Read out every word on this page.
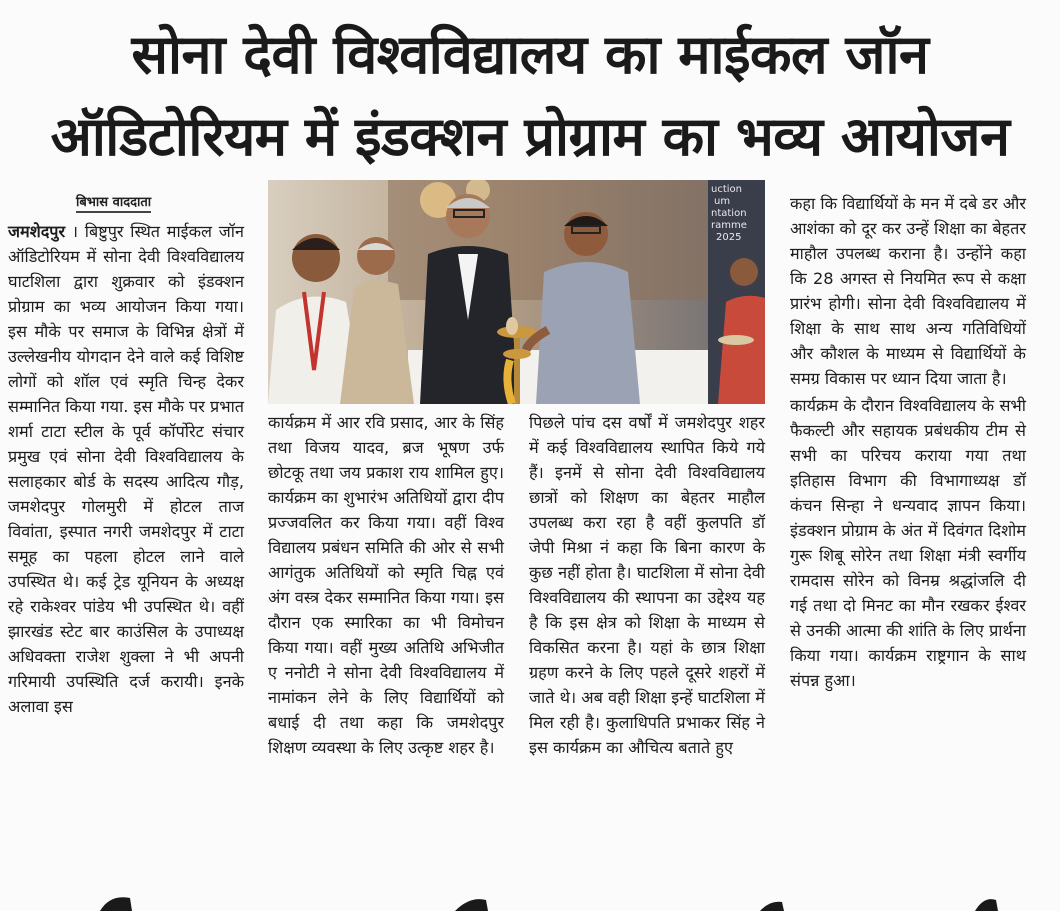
सोना देवी विश्वविद्यालय का माईकल जॉन
ऑडिटोरियम में इंडक्शन प्रोग्राम का भव्य आयोजन
बिभास वाददाता

जमशेदपुर । बिष्टुपुर स्थित माईकल जॉन ऑडिटोरियम में सोना देवी विश्वविद्यालय घाटशिला द्वारा शुक्रवार को इंडक्शन प्रोग्राम का भव्य आयोजन किया गया। इस मौके पर समाज के विभिन्न क्षेत्रों में उल्लेखनीय योगदान देने वाले कई विशिष्ट लोगों को शॉल एवं स्मृति चिन्ह देकर सम्मानित किया गया. इस मौके पर प्रभात शर्मा टाटा स्टील के पूर्व कॉर्पोरेट संचार प्रमुख एवं सोना देवी विश्वविद्यालय के सलाहकार बोर्ड के सदस्य आदित्य गौड़, जमशेदपुर गोलमुरी में होटल ताज विवांता, इस्पात नगरी जमशेदपुर में टाटा समूह का पहला होटल लाने वाले उपस्थित थे। कई ट्रेड यूनियन के अध्यक्ष रहे राकेश्वर पांडेय भी उपस्थित थे। वहीं झारखंड स्टेट बार काउंसिल के उपाध्यक्ष अधिवक्ता राजेश शुक्ला ने भी अपनी गरिमायी उपस्थिति दर्ज करायी। इनके अलावा इस

uction
um
ntation
ramme
2025

कार्यक्रम में आर रवि प्रसाद, आर के सिंह तथा विजय यादव, ब्रज भूषण उर्फ छोटकू तथा जय प्रकाश राय शामिल हुए। कार्यक्रम का शुभारंभ अतिथियों द्वारा दीप प्रज्जवलित कर किया गया। वहीं विश्व विद्यालय प्रबंधन समिति की ओर से सभी आगंतुक अतिथियों को स्मृति चिह्न एवं अंग वस्त्र देकर सम्मानित किया गया। इस दौरान एक स्मारिका का भी विमोचन किया गया। वहीं मुख्य अतिथि अभिजीत ए ननोटी ने सोना देवी विश्वविद्यालय में नामांकन लेने के लिए विद्यार्थियों को बधाई दी तथा कहा कि जमशेदपुर शिक्षण व्यवस्था के लिए उत्कृष्ट शहर है।

पिछले पांच दस वर्षों में जमशेदपुर शहर में कई विश्वविद्यालय स्थापित किये गये हैं। इनमें से सोना देवी विश्वविद्यालय छात्रों को शिक्षण का बेहतर माहौल उपलब्ध करा रहा है वहीं कुलपति डॉ जेपी मिश्रा नं कहा कि बिना कारण के कुछ नहीं होता है। घाटशिला में सोना देवी विश्वविद्यालय की स्थापना का उद्देश्य यह है कि इस क्षेत्र को शिक्षा के माध्यम से विकसित करना है। यहां के छात्र शिक्षा ग्रहण करने के लिए पहले दूसरे शहरों में जाते थे। अब वही शिक्षा इन्हें घाटशिला में मिल रही है। कुलाधिपति प्रभाकर सिंह ने इस कार्यक्रम का औचित्य बताते हुए

कहा कि विद्यार्थियों के मन में दबे डर और आशंका को दूर कर उन्हें शिक्षा का बेहतर माहौल उपलब्ध कराना है। उन्होंने कहा कि 28 अगस्त से नियमित रूप से कक्षा प्रारंभ होगी। सोना देवी विश्वविद्यालय में शिक्षा के साथ साथ अन्य गतिविधियों और कौशल के माध्यम से विद्यार्थियों के समग्र विकास पर ध्यान दिया जाता है।

कार्यक्रम के दौरान विश्वविद्यालय के सभी फैकल्टी और सहायक प्रबंधकीय टीम से सभी का परिचय कराया गया तथा इतिहास विभाग की विभागाध्यक्ष डॉ कंचन सिन्हा ने धन्यवाद ज्ञापन किया। इंडक्शन प्रोग्राम के अंत में दिवंगत दिशोम गुरू शिबू सोरेन तथा शिक्षा मंत्री स्वर्गीय रामदास सोरेन को विनम्र श्रद्धांजलि दी गई तथा दो मिनट का मौन रखकर ईश्वर से उनकी आत्मा की शांति के लिए प्रार्थना किया गया। कार्यक्रम राष्ट्रगान के साथ संपन्न हुआ।
